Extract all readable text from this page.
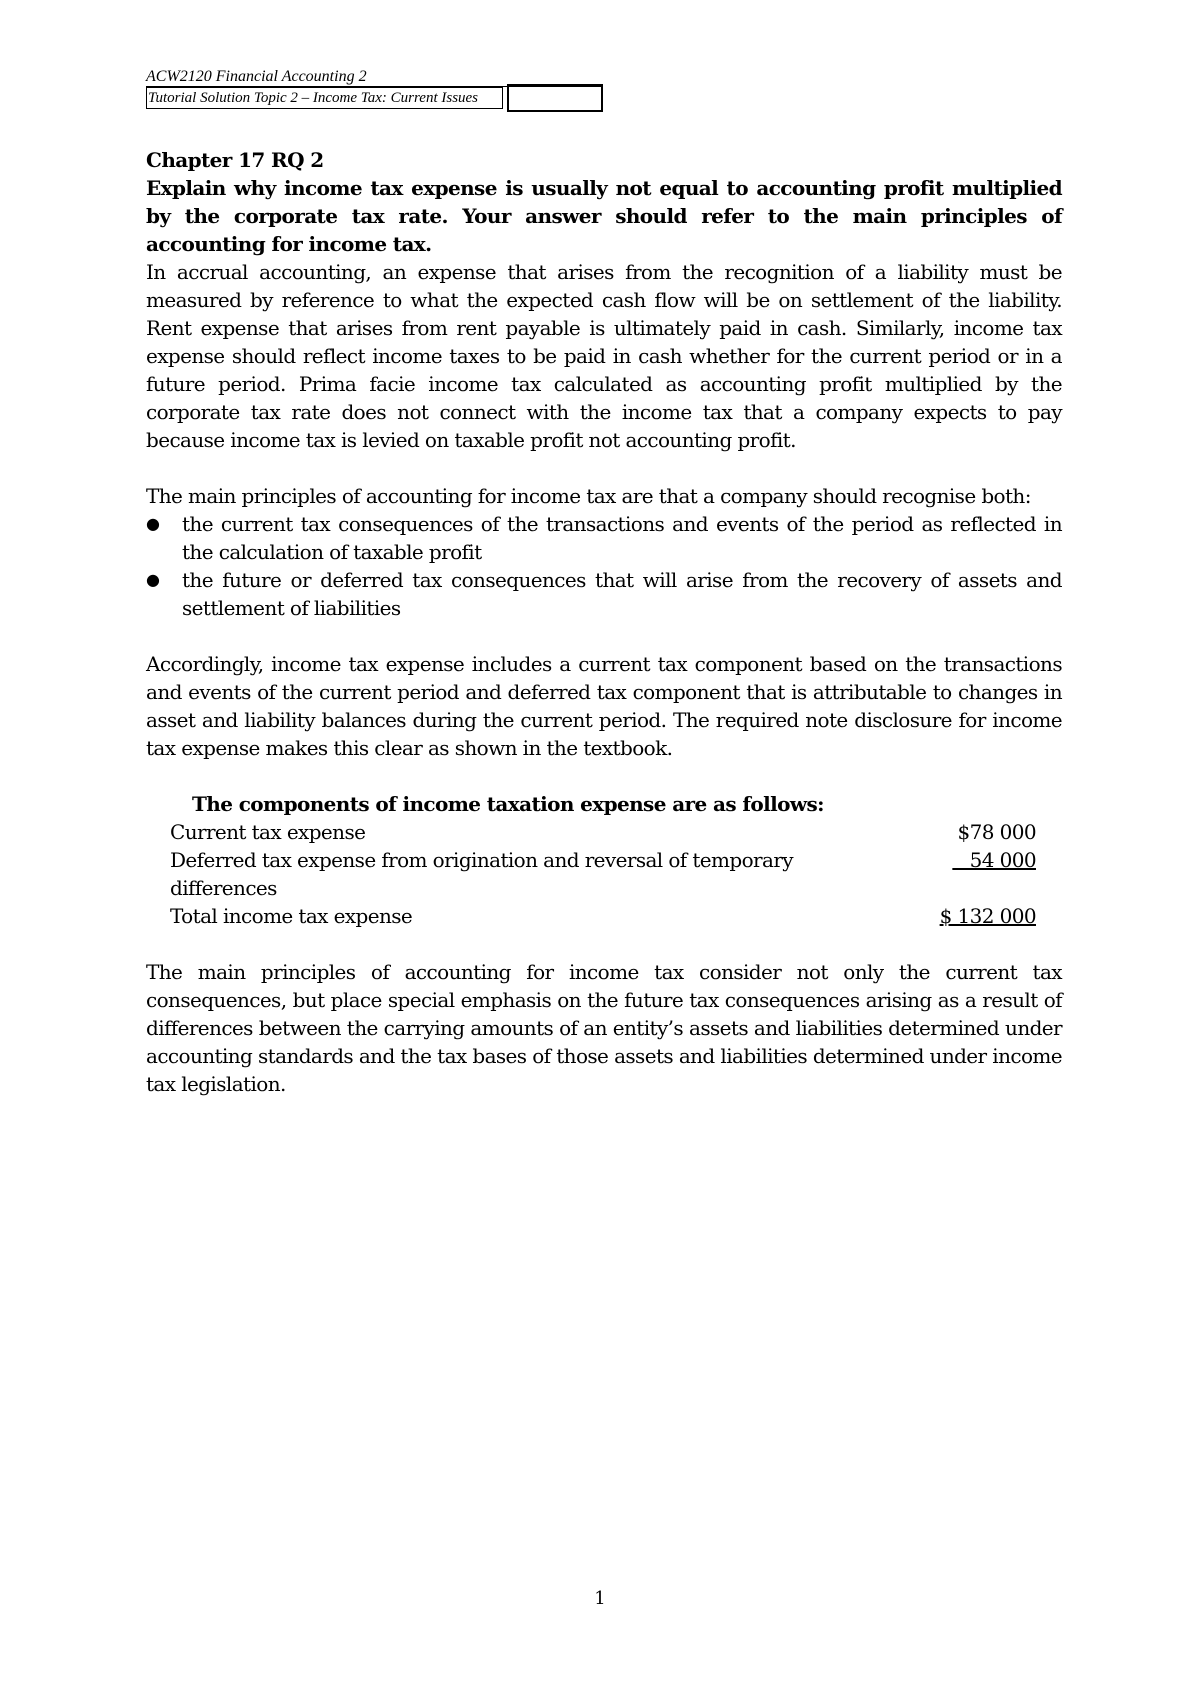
ACW2120 Financial Accounting 2
Tutorial Solution Topic 2 – Income Tax: Current Issues

Chapter 17 RQ 2

Explain why income tax expense is usually not equal to accounting profit multiplied by the corporate tax rate. Your answer should refer to the main principles of accounting for income tax.

In accrual accounting, an expense that arises from the recognition of a liability must be measured by reference to what the expected cash flow will be on settlement of the liability. Rent expense that arises from rent payable is ultimately paid in cash. Similarly, income tax expense should reflect income taxes to be paid in cash whether for the current period or in a future period. Prima facie income tax calculated as accounting profit multiplied by the corporate tax rate does not connect with the income tax that a company expects to pay because income tax is levied on taxable profit not accounting profit.

The main principles of accounting for income tax are that a company should recognise both:

● the current tax consequences of the transactions and events of the period as reflected in the calculation of taxable profit
● the future or deferred tax consequences that will arise from the recovery of assets and settlement of liabilities

Accordingly, income tax expense includes a current tax component based on the transactions and events of the current period and deferred tax component that is attributable to changes in asset and liability balances during the current period. The required note disclosure for income tax expense makes this clear as shown in the textbook.

The components of income taxation expense are as follows:
Current tax expense	$78 000
Deferred tax expense from origination and reversal of temporary differences
54 000
Total income tax expense	$ 132 000

The main principles of accounting for income tax consider not only the current tax consequences, but place special emphasis on the future tax consequences arising as a result of differences between the carrying amounts of an entity’s assets and liabilities determined under accounting standards and the tax bases of those assets and liabilities determined under income tax legislation.

1
